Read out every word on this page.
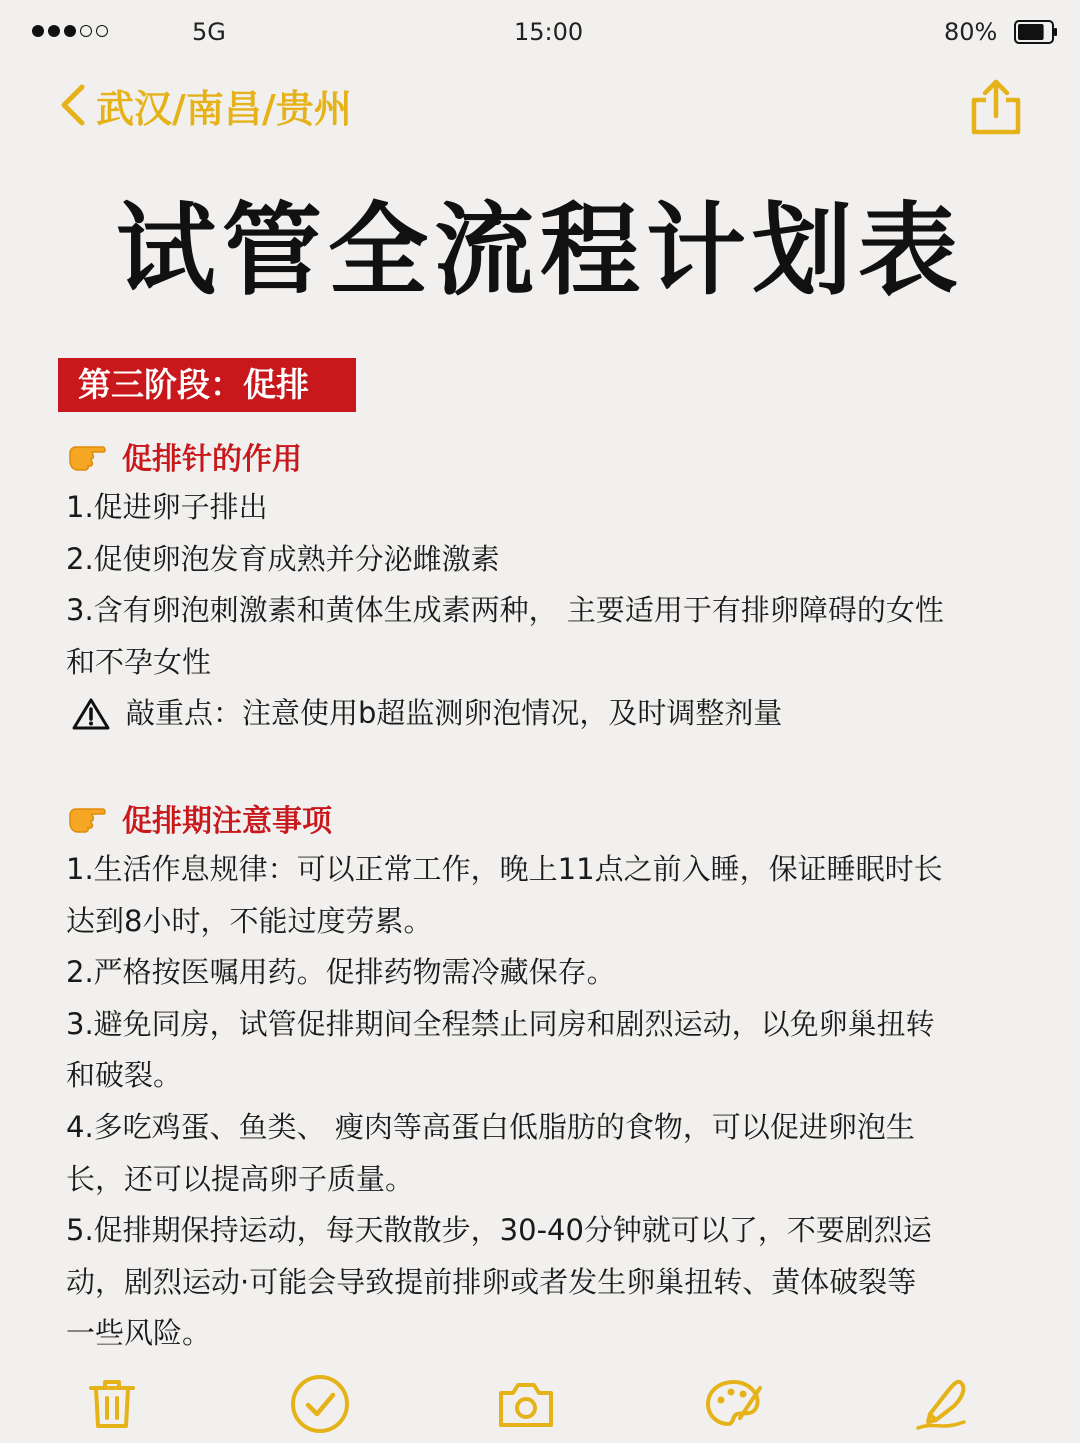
5G	15:00	80%
武汉/南昌/贵州
试管全流程计划表
第三阶段：促排
促排针的作用
1.促进卵子排出
2.促使卵泡发育成熟并分泌雌激素
3.含有卵泡刺激素和黄体生成素两种， 主要适用于有排卵障碍的女性
和不孕女性
敲重点：注意使用b超监测卵泡情况，及时调整剂量
促排期注意事项
1.生活作息规律：可以正常工作，晚上11点之前入睡，保证睡眠时长
达到8小时，不能过度劳累。
2.严格按医嘱用药。促排药物需冷藏保存。
3.避免同房，试管促排期间全程禁止同房和剧烈运动，以免卵巢扭转
和破裂。
4.多吃鸡蛋、鱼类、 瘦肉等高蛋白低脂肪的食物，可以促进卵泡生
长，还可以提高卵子质量。
5.促排期保持运动，每天散散步，30-40分钟就可以了，不要剧烈运
动，剧烈运动·可能会导致提前排卵或者发生卵巢扭转、黄体破裂等
一些风险。
